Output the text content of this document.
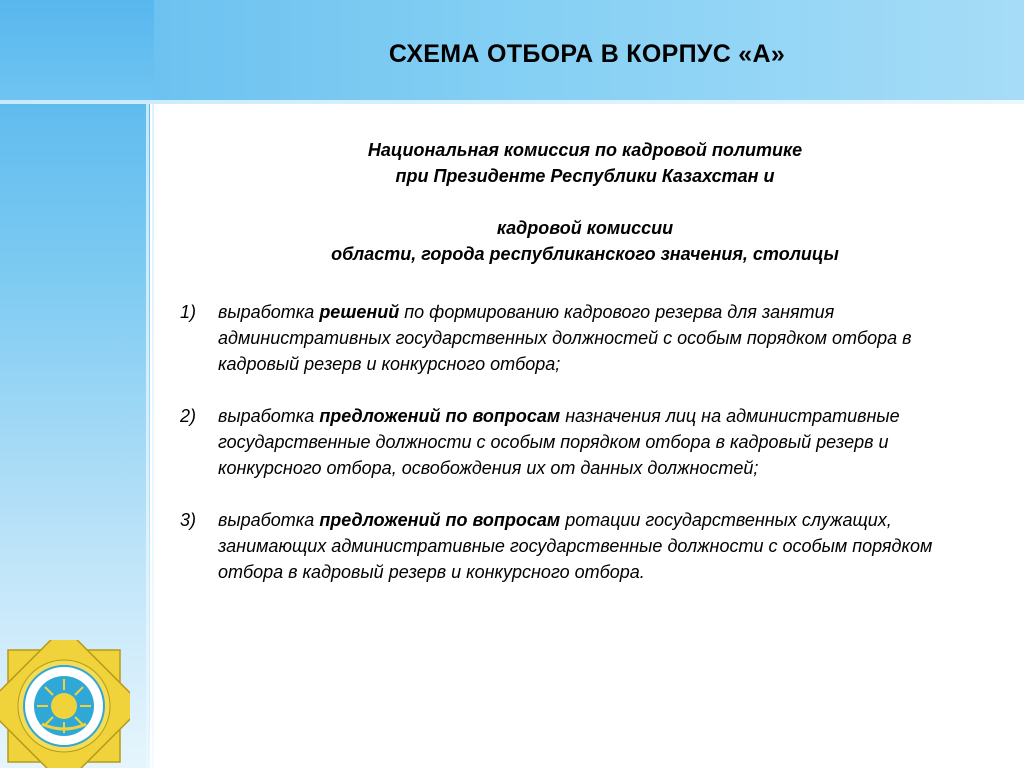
СХЕМА ОТБОРА В КОРПУС «А»
Национальная комиссия по кадровой политике
при Президенте Республики Казахстан и
кадровой комиссии
области, города республиканского значения, столицы
1)	выработка решений по формированию кадрового резерва для занятия административных государственных должностей с особым порядком отбора в кадровый резерв и конкурсного отбора;
2)	выработка предложений по вопросам назначения лиц на административные государственные должности с особым порядком отбора в кадровый резерв и конкурсного отбора, освобождения их от данных должностей;
3)	выработка предложений по вопросам ротации государственных служащих, занимающих административные государственные должности с особым порядком отбора в кадровый резерв и конкурсного отбора.
